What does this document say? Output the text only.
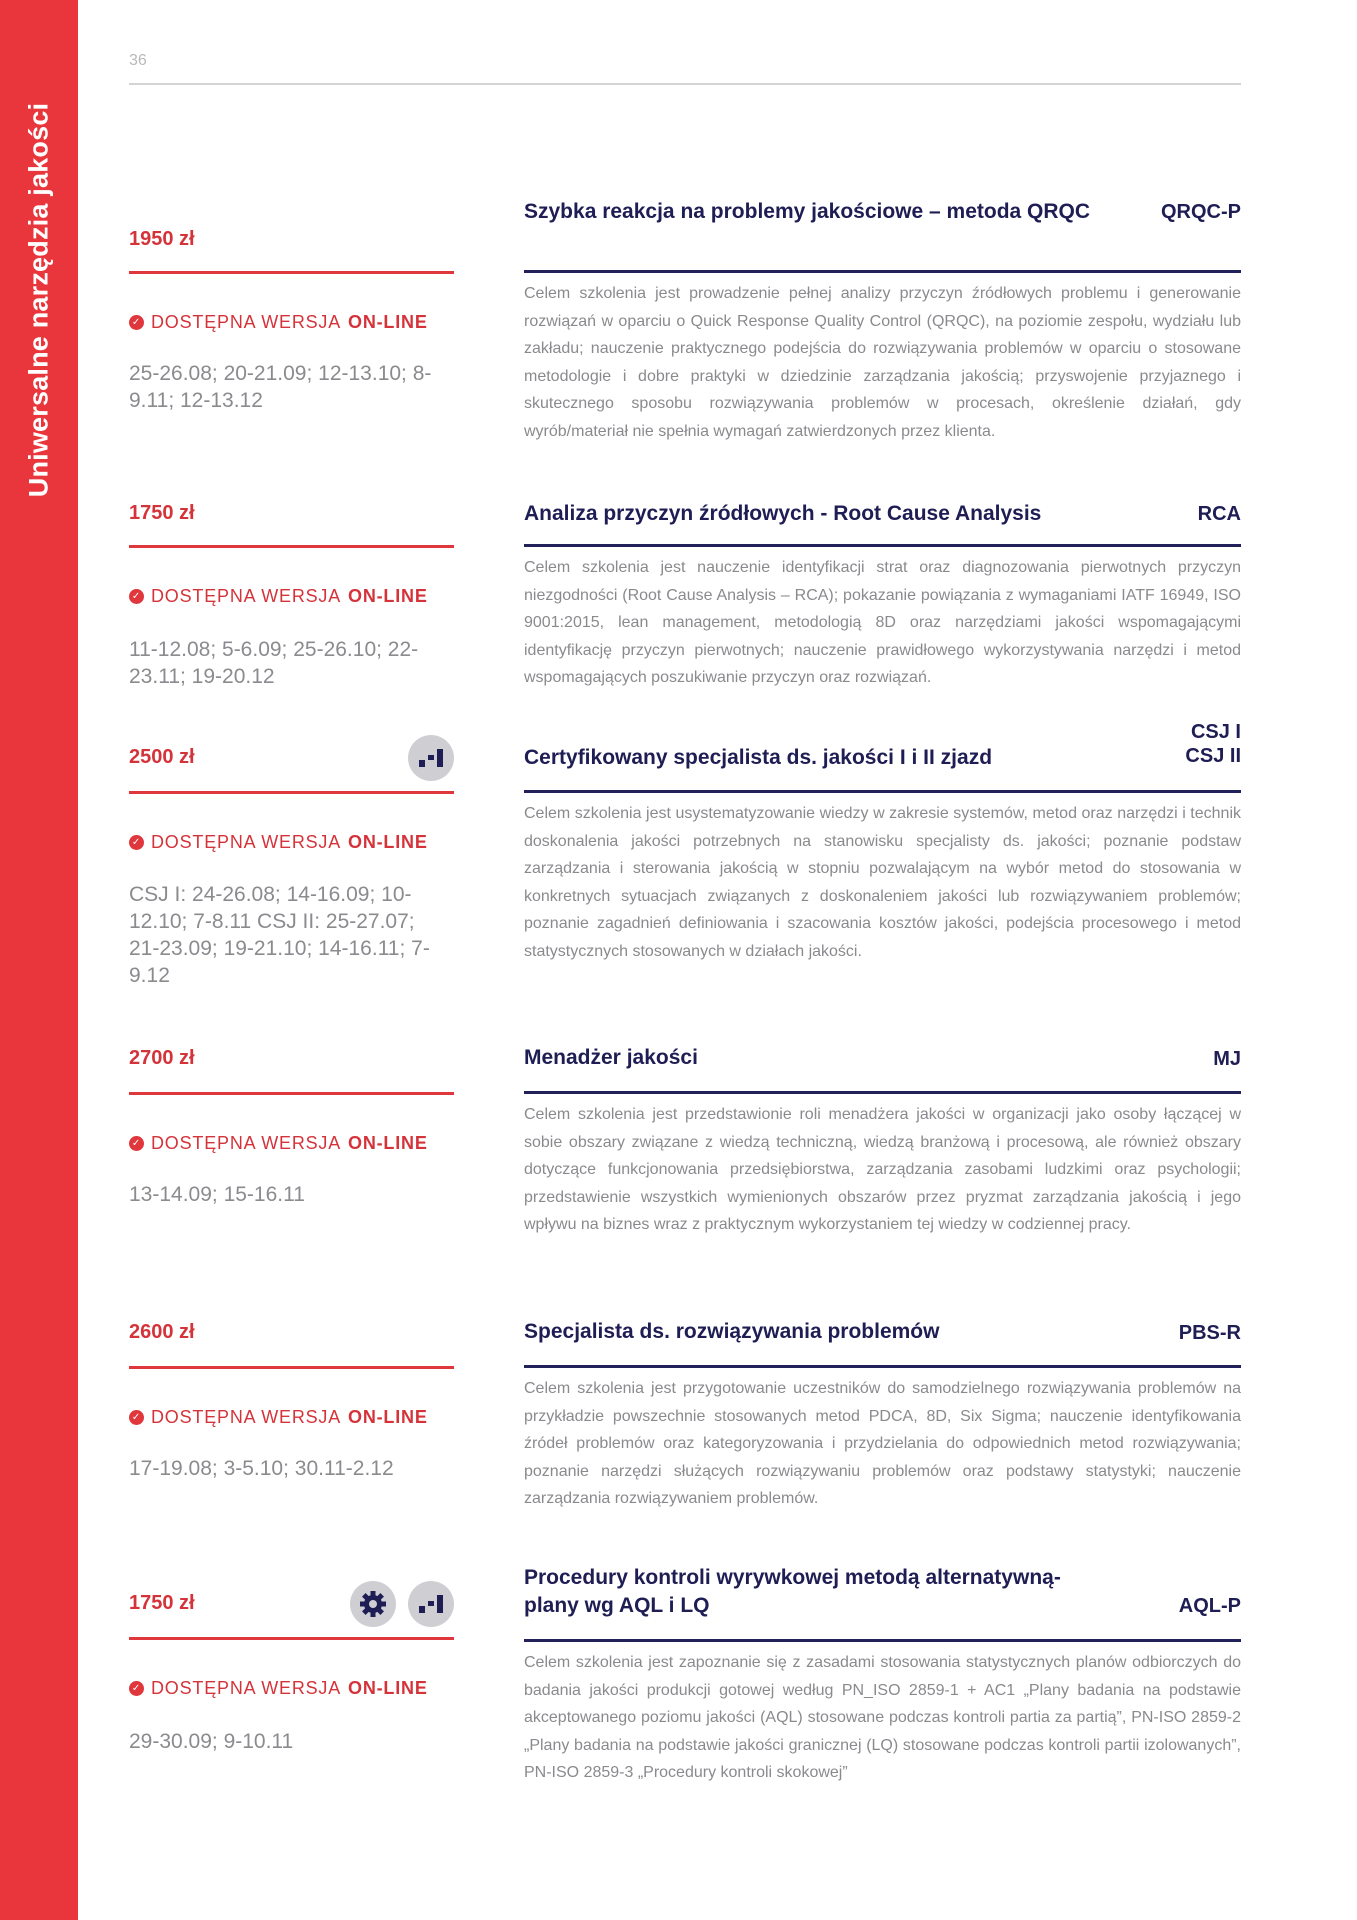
Uniwersalne narzędzia jakości
36
1950 zł
✓ DOSTĘPNA WERSJA ON-LINE
25-26.08; 20-21.09; 12-13.10; 8-9.11; 12-13.12
Szybka reakcja na problemy jakościowe – metoda QRQC	QRQC-P
Celem szkolenia jest prowadzenie pełnej analizy przyczyn źródłowych problemu i generowanie rozwiązań w oparciu o Quick Response Quality Control (QRQC), na poziomie zespołu, wydziału lub zakładu; nauczenie praktycznego podejścia do rozwiązywania problemów w oparciu o stosowane metodologie i dobre praktyki w dziedzinie zarządzania jakością; przyswojenie przyjaznego i skutecznego sposobu rozwiązywania problemów w procesach, określenie działań, gdy wyrób/materiał nie spełnia wymagań zatwierdzonych przez klienta.
1750 zł
✓ DOSTĘPNA WERSJA ON-LINE
11-12.08; 5-6.09; 25-26.10; 22-23.11; 19-20.12
Analiza przyczyn źródłowych - Root Cause Analysis	RCA
Celem szkolenia jest nauczenie identyfikacji strat oraz diagnozowania pierwotnych przyczyn niezgodności (Root Cause Analysis – RCA); pokazanie powiązania z wymaganiami IATF 16949, ISO 9001:2015, lean management, metodologią 8D oraz narzędziami jakości wspomagającymi identyfikację przyczyn pierwotnych; nauczenie prawidłowego wykorzystywania narzędzi i metod wspomagających poszukiwanie przyczyn oraz rozwiązań.
2500 zł
✓ DOSTĘPNA WERSJA ON-LINE
CSJ I: 24-26.08; 14-16.09; 10-12.10; 7-8.11 CSJ II: 25-27.07; 21-23.09; 19-21.10; 14-16.11; 7-9.12
Certyfikowany specjalista ds. jakości I i II zjazd
CSJ I
CSJ II
Celem szkolenia jest usystematyzowanie wiedzy w zakresie systemów, metod oraz narzędzi i technik doskonalenia jakości potrzebnych na stanowisku specjalisty ds. jakości; poznanie podstaw zarządzania i sterowania jakością w stopniu pozwalającym na wybór metod do stosowania w konkretnych sytuacjach związanych z doskonaleniem jakości lub rozwiązywaniem problemów; poznanie zagadnień definiowania i szacowania kosztów jakości, podejścia procesowego i metod statystycznych stosowanych w działach jakości.
2700 zł
✓ DOSTĘPNA WERSJA ON-LINE
13-14.09; 15-16.11
Menadżer jakości	MJ
Celem szkolenia jest przedstawionie roli menadżera jakości w organizacji jako osoby łączącej w sobie obszary związane z wiedzą techniczną, wiedzą branżową i procesową, ale również obszary dotyczące funkcjonowania przedsiębiorstwa, zarządzania zasobami ludzkimi oraz psychologii; przedstawienie wszystkich wymienionych obszarów przez pryzmat zarządzania jakością i jego wpływu na biznes wraz z praktycznym wykorzystaniem tej wiedzy w codziennej pracy.
2600 zł
✓ DOSTĘPNA WERSJA ON-LINE
17-19.08; 3-5.10; 30.11-2.12
Specjalista ds. rozwiązywania problemów	PBS-R
Celem szkolenia jest przygotowanie uczestników do samodzielnego rozwiązywania problemów na przykładzie powszechnie stosowanych metod PDCA, 8D, Six Sigma; nauczenie identyfikowania źródeł problemów oraz kategoryzowania i przydzielania do odpowiednich metod rozwiązywania; poznanie narzędzi służących rozwiązywaniu problemów oraz podstawy statystyki; nauczenie zarządzania rozwiązywaniem problemów.
1750 zł
✓ DOSTĘPNA WERSJA ON-LINE
29-30.09; 9-10.11
Procedury kontroli wyrywkowej metodą alternatywną- plany wg AQL i LQ	AQL-P
Celem szkolenia jest zapoznanie się z zasadami stosowania statystycznych planów odbiorczych do badania jakości produkcji gotowej według PN_ISO 2859-1 + AC1 „Plany badania na podstawie akceptowanego poziomu jakości (AQL) stosowane podczas kontroli partia za partią”, PN-ISO 2859-2 „Plany badania na podstawie jakości granicznej (LQ) stosowane podczas kontroli partii izolowanych”, PN-ISO 2859-3 „Procedury kontroli skokowej”
